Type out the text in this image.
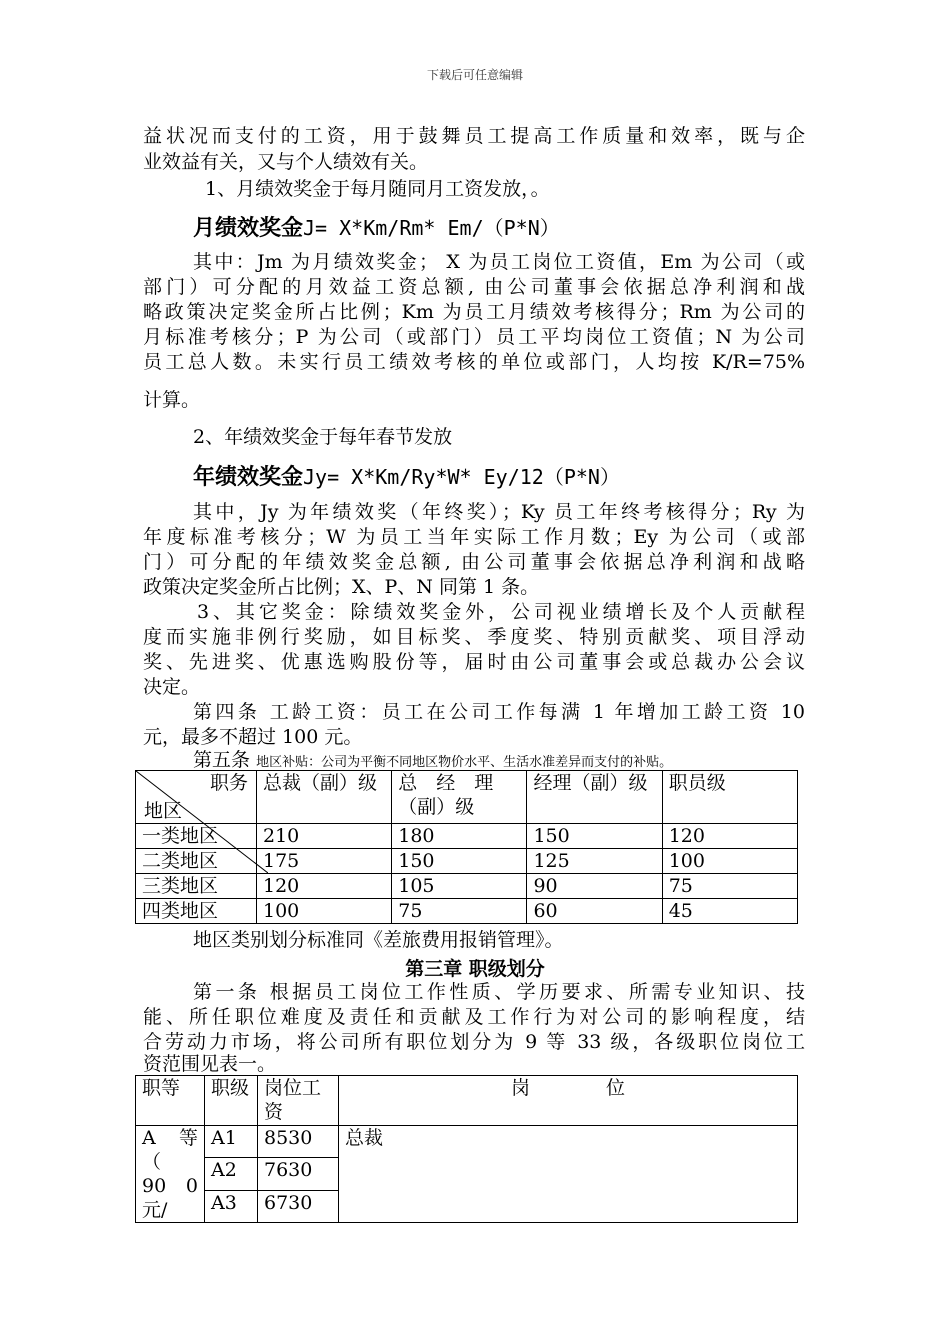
下载后可任意编辑
益状况而支付的工资，用于鼓舞员工提高工作质量和效率，既与企
业效益有关，又与个人绩效有关。
1、月绩效奖金于每月随同月工资发放，。
月绩效奖金J= X*Km/Rm* Em/（P*N）
其中：Jm 为月绩效奖金； X 为员工岗位工资值，Em 为公司（或
部门）可分配的月效益工资总额, 由公司董事会依据总净利润和战
略政策决定奖金所占比例；Km 为员工月绩效考核得分；Rm 为公司的
月标准考核分；P 为公司（或部门）员工平均岗位工资值；N 为公司
员工总人数。未实行员工绩效考核的单位或部门，人均按 K/R=75%
计算。
2、年绩效奖金于每年春节发放
年绩效奖金Jy= X*Km/Ry*W* Ey/12（P*N）
其中，Jy 为年绩效奖（年终奖）；Ky 员工年终考核得分；Ry 为
年度标准考核分；W 为员工当年实际工作月数；Ey 为公司（或部
门）可分配的年绩效奖金总额, 由公司董事会依据总净利润和战略
政策决定奖金所占比例；X、P、N 同第 1 条。
3、其它奖金：除绩效奖金外，公司视业绩增长及个人贡献程
度而实施非例行奖励，如目标奖、季度奖、特别贡献奖、项目浮动
奖、先进奖、优惠选购股份等，届时由公司董事会或总裁办公会议
决定。
第四条 工龄工资：员工在公司工作每满 1 年增加工龄工资 10
元，最多不超过 100 元。
第五条 地区补贴：公司为平衡不同地区物价水平、生活水准差异而支付的补贴。
职务
地区	总裁（副）级	总　经　理（副）级	经理（副）级	职员级
一类地区	210	180	150	120
二类地区	175	150	125	100
三类地区	120	105	90	75
四类地区	100	75	60	45
地区类别划分标准同《差旅费用报销管理》。
第三章 职级划分
第一条 根据员工岗位工作性质、学历要求、所需专业知识、技
能、所任职位难度及责任和贡献及工作行为对公司的影响程度，结
合劳动力市场，将公司所有职位划分为 9 等 33 级，各级职位岗位工
资范围见表一。
职等	职级	岗位工资	岗　　　　位
A　等（　90 0 元/	A1	8530	总裁
	A2	7630	
	A3	6730	
